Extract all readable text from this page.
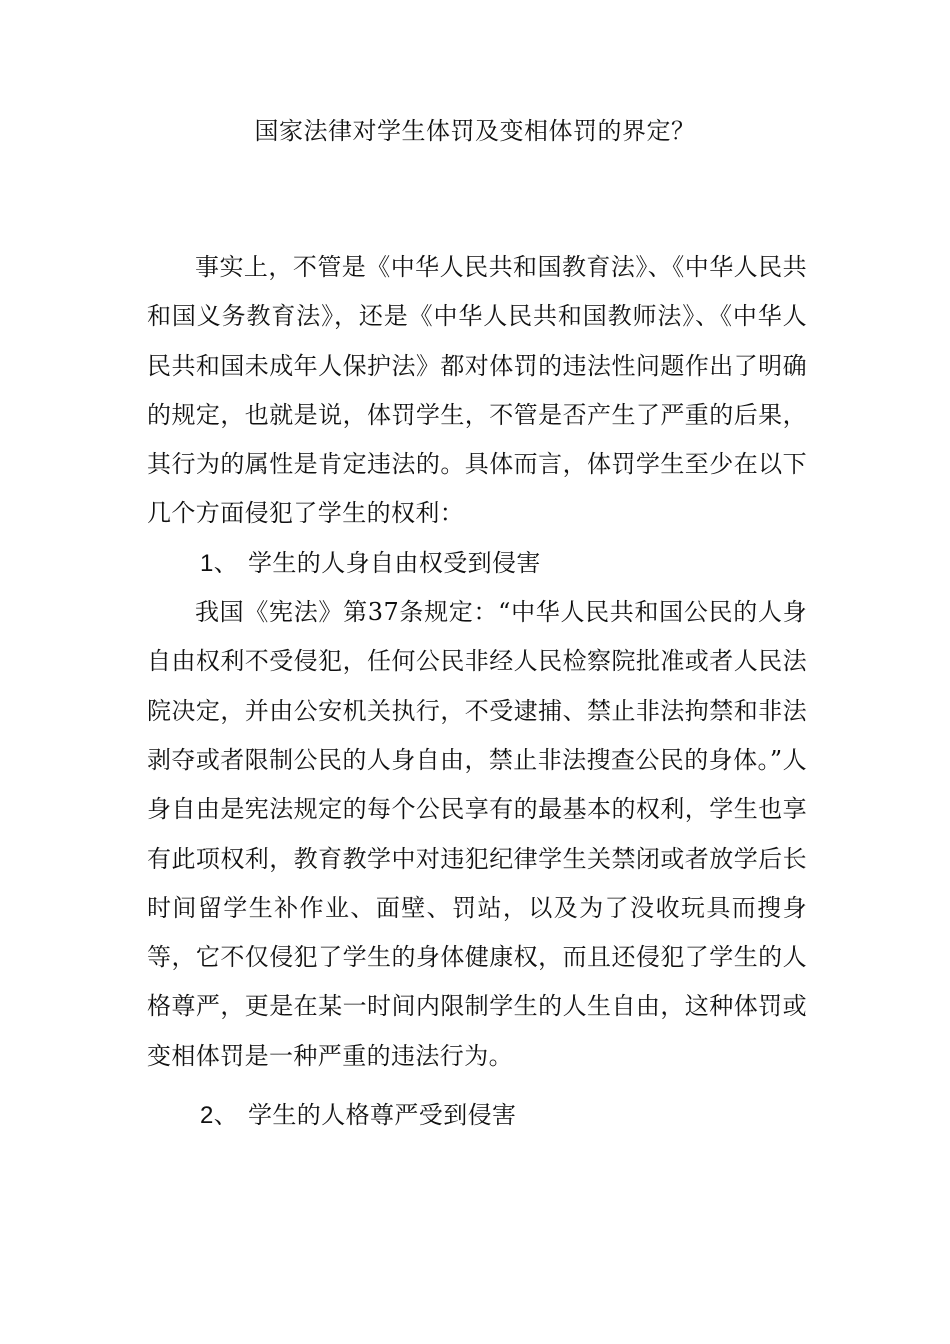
国家法律对学生体罚及变相体罚的界定？

事实上，不管是《中华人民共和国教育法》、《中华人民共和国义务教育法》，还是《中华人民共和国教师法》、《中华人民共和国未成年人保护法》都对体罚的违法性问题作出了明确的规定，也就是说，体罚学生，不管是否产生了严重的后果，其行为的属性是肯定违法的。具体而言，体罚学生至少在以下几个方面侵犯了学生的权利：

1、 学生的人身自由权受到侵害

我国《宪法》第37条规定：“中华人民共和国公民的人身自由权利不受侵犯，任何公民非经人民检察院批准或者人民法院决定，并由公安机关执行，不受逮捕、禁止非法拘禁和非法剥夺或者限制公民的人身自由，禁止非法搜查公民的身体。”人身自由是宪法规定的每个公民享有的最基本的权利，学生也享有此项权利，教育教学中对违犯纪律学生关禁闭或者放学后长时间留学生补作业、面壁、罚站，以及为了没收玩具而搜身等，它不仅侵犯了学生的身体健康权，而且还侵犯了学生的人格尊严，更是在某一时间内限制学生的人生自由，这种体罚或变相体罚是一种严重的违法行为。

2、 学生的人格尊严受到侵害
